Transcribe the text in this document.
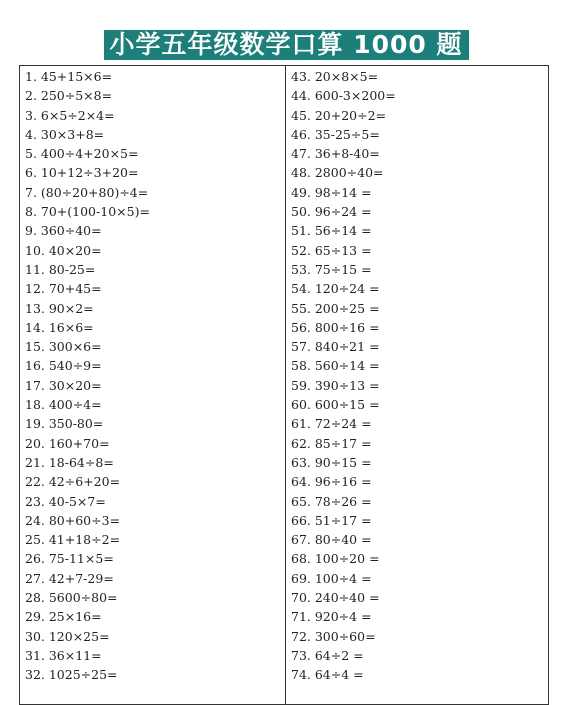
小学五年级数学口算 1000 题
1. 45+15×6=
2. 250÷5×8=
3. 6×5÷2×4=
4. 30×3+8=
5. 400÷4+20×5=
6. 10+12÷3+20=
7. (80÷20+80)÷4=
8. 70+(100-10×5)=
9. 360÷40=
10. 40×20=
11. 80-25=
12. 70+45=
13. 90×2=
14. 16×6=
15. 300×6=
16. 540÷9=
17. 30×20=
18. 400÷4=
19. 350-80=
20. 160+70=
21. 18-64÷8=
22. 42÷6+20=
23. 40-5×7=
24. 80+60÷3=
25. 41+18÷2=
26. 75-11×5=
27. 42+7-29=
28. 5600÷80=
29. 25×16=
30. 120×25=
31. 36×11=
32. 1025÷25=
43. 20×8×5=
44. 600-3×200=
45. 20+20÷2=
46. 35-25÷5=
47. 36+8-40=
48. 2800÷40=
49. 98÷14 =
50. 96÷24 =
51. 56÷14 =
52. 65÷13 =
53. 75÷15 =
54. 120÷24 =
55. 200÷25 =
56. 800÷16 =
57. 840÷21 =
58. 560÷14 =
59. 390÷13 =
60. 600÷15 =
61. 72÷24 =
62. 85÷17 =
63. 90÷15 =
64. 96÷16 =
65. 78÷26 =
66. 51÷17 =
67. 80÷40 =
68. 100÷20 =
69. 100÷4 =
70. 240÷40 =
71. 920÷4 =
72. 300÷60=
73. 64÷2 =
74. 64÷4 =
